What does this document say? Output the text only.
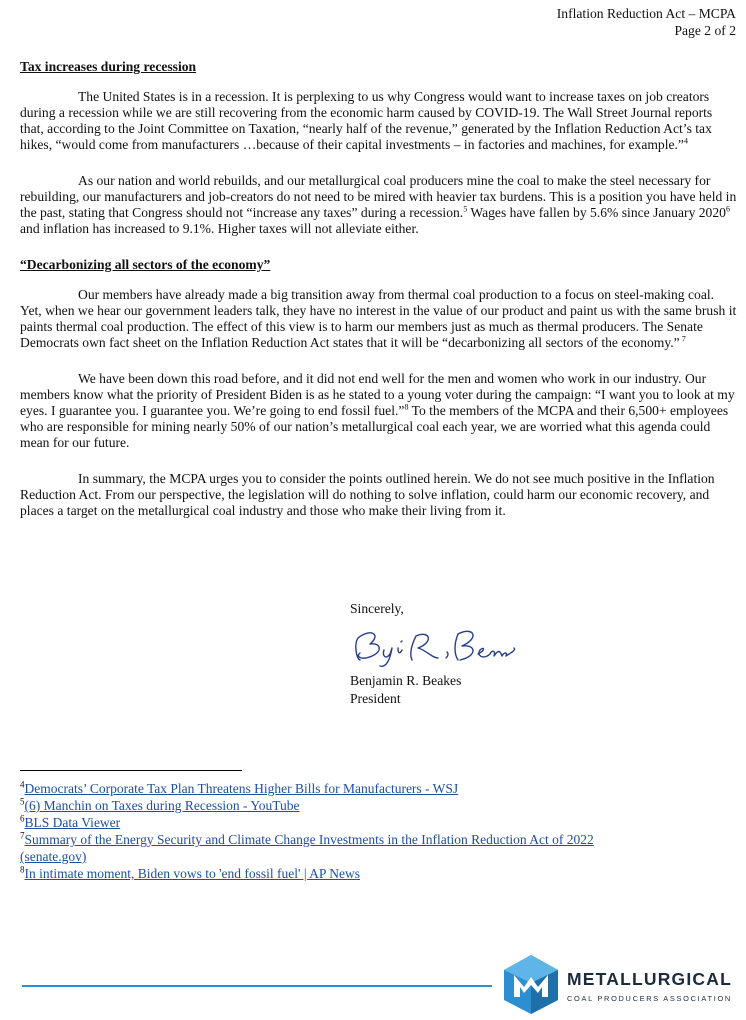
Inflation Reduction Act – MCPA
Page 2 of 2

Tax increases during recession

The United States is in a recession. It is perplexing to us why Congress would want to increase taxes on job creators during a recession while we are still recovering from the economic harm caused by COVID-19. The Wall Street Journal reports that, according to the Joint Committee on Taxation, “nearly half of the revenue,” generated by the Inflation Reduction Act’s tax hikes, “would come from manufacturers …because of their capital investments – in factories and machines, for example.”$^4$

As our nation and world rebuilds, and our metallurgical coal producers mine the coal to make the steel necessary for rebuilding, our manufacturers and job-creators do not need to be mired with heavier tax burdens. This is a position you have held in the past, stating that Congress should not “increase any taxes” during a recession.$^5$ Wages have fallen by 5.6% since January 2020$^6$ and inflation has increased to 9.1%. Higher taxes will not alleviate either.

“Decarbonizing all sectors of the economy”

Our members have already made a big transition away from thermal coal production to a focus on steel-making coal. Yet, when we hear our government leaders talk, they have no interest in the value of our product and paint us with the same brush it paints thermal coal production. The effect of this view is to harm our members just as much as thermal producers. The Senate Democrats own fact sheet on the Inflation Reduction Act states that it will be “decarbonizing all sectors of the economy.” $^7$

We have been down this road before, and it did not end well for the men and women who work in our industry. Our members know what the priority of President Biden is as he stated to a young voter during the campaign: “I want you to look at my eyes. I guarantee you. I guarantee you. We’re going to end fossil fuel.”$^8$ To the members of the MCPA and their 6,500+ employees who are responsible for mining nearly 50% of our nation’s metallurgical coal each year, we are worried what this agenda could mean for our future.

In summary, the MCPA urges you to consider the points outlined herein. We do not see much positive in the Inflation Reduction Act. From our perspective, the legislation will do nothing to solve inflation, could harm our economic recovery, and places a target on the metallurgical coal industry and those who make their living from it.

Sincerely,
Benjamin R. Beakes
Benjamin R. Beakes
President
$^4$Democrats’ Corporate Tax Plan Threatens Higher Bills for Manufacturers - WSJ
$^5$(6) Manchin on Taxes during Recession - YouTube
$^6$BLS Data Viewer
$^7$Summary of the Energy Security and Climate Change Investments in the Inflation Reduction Act of 2022
(senate.gov)
$^8$In intimate moment, Biden vows to 'end fossil fuel' | AP News
METALLURGICAL
COAL PRODUCERS ASSOCIATION
